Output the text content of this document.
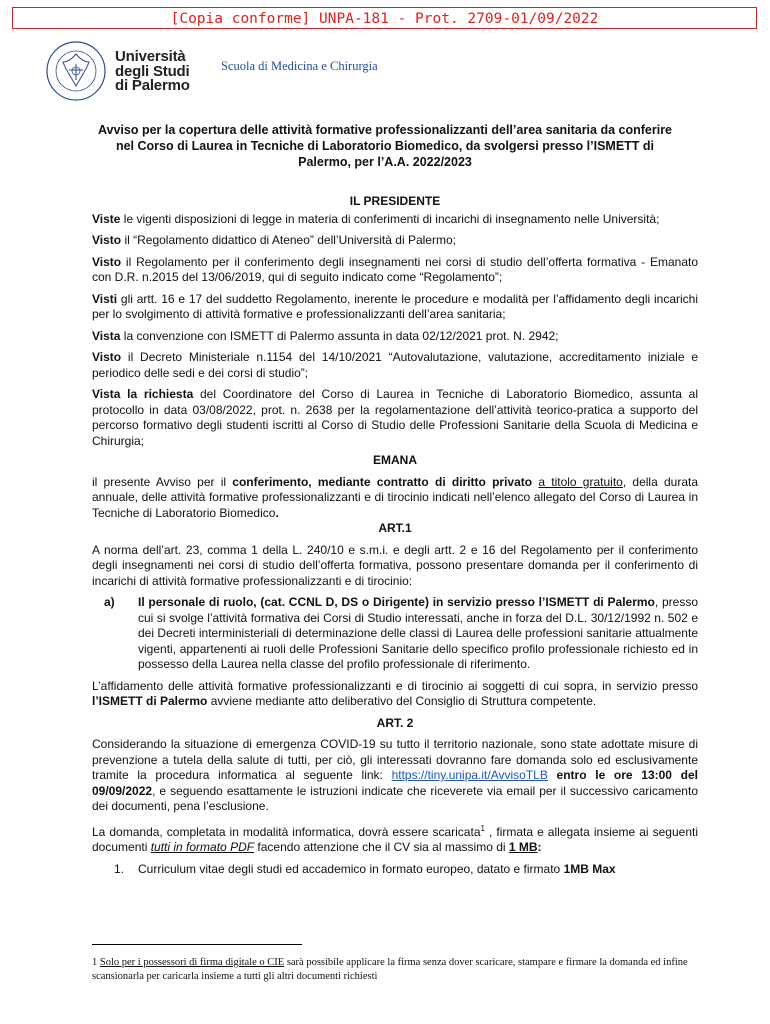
[Copia conforme] UNPA-181 - Prot. 2709-01/09/2022
Università
degli Studi
di Palermo
Scuola di Medicina e Chirurgia
Avviso per la copertura delle attività formative professionalizzanti dell’area sanitaria da conferire nel Corso di Laurea in Tecniche di Laboratorio Biomedico, da svolgersi presso l’ISMETT di Palermo, per l’A.A. 2022/2023
IL PRESIDENTE

Viste le vigenti disposizioni di legge in materia di conferimenti di incarichi di insegnamento nelle Università;

Visto il “Regolamento didattico di Ateneo” dell’Università di Palermo;

Visto il Regolamento per il conferimento degli insegnamenti nei corsi di studio dell’offerta formativa - Emanato con D.R. n.2015 del 13/06/2019, qui di seguito indicato come “Regolamento”;

Visti gli artt. 16 e 17 del suddetto Regolamento, inerente le procedure e modalità per l’affidamento degli incarichi per lo svolgimento di attività formative e professionalizzanti dell’area sanitaria;

Vista la convenzione con ISMETT di Palermo assunta in data 02/12/2021 prot. N. 2942;

Visto il Decreto Ministeriale n.1154 del 14/10/2021 “Autovalutazione, valutazione, accreditamento iniziale e periodico delle sedi e dei corsi di studio”;

Vista la richiesta del Coordinatore del Corso di Laurea in Tecniche di Laboratorio Biomedico, assunta al protocollo in data 03/08/2022, prot. n. 2638 per la regolamentazione dell’attività teorico-pratica a supporto del percorso formativo degli studenti iscritti al Corso di Studio delle Professioni Sanitarie della Scuola di Medicina e Chirurgia;

EMANA

il presente Avviso per il conferimento, mediante contratto di diritto privato a titolo gratuito, della durata annuale, delle attività formative professionalizzanti e di tirocinio indicati nell’elenco allegato del Corso di Laurea in Tecniche di Laboratorio Biomedico.

ART.1

A norma dell’art. 23, comma 1 della L. 240/10 e s.m.i. e degli artt. 2 e 16 del Regolamento per il conferimento degli insegnamenti nei corsi di studio dell’offerta formativa, possono presentare domanda per il conferimento di incarichi di attività formative professionalizzanti e di tirocinio:

a)	Il personale di ruolo, (cat. CCNL D, DS o Dirigente) in servizio presso l’ISMETT di Palermo, presso cui si svolge l’attività formativa dei Corsi di Studio interessati, anche in forza del D.L. 30/12/1992 n. 502 e dei Decreti interministeriali di determinazione delle classi di Laurea delle professioni sanitarie attualmente vigenti, appartenenti ai ruoli delle Professioni Sanitarie dello specifico profilo professionale richiesto ed in possesso della Laurea nella classe del profilo professionale di riferimento.

L’affidamento delle attività formative professionalizzanti e di tirocinio ai soggetti di cui sopra, in servizio presso l’ISMETT di Palermo avviene mediante atto deliberativo del Consiglio di Struttura competente.

ART. 2

Considerando la situazione di emergenza COVID-19 su tutto il territorio nazionale, sono state adottate misure di prevenzione a tutela della salute di tutti, per ciò, gli interessati dovranno fare domanda solo ed esclusivamente tramite la procedura informatica al seguente link: https://tiny.unipa.it/AvvisoTLB entro le ore 13:00 del 09/09/2022, e seguendo esattamente le istruzioni indicate che riceverete via email per il successivo caricamento dei documenti, pena l’esclusione.

La domanda, completata in modalità informatica, dovrà essere scaricata$^1$ , firmata e allegata insieme ai seguenti documenti tutti in formato PDF facendo attenzione che il CV sia al massimo di 1 MB:

1.	Curriculum vitae degli studi ed accademico in formato europeo, datato e firmato 1MB Max
1 Solo per i possessori di firma digitale o CIE sarà possibile applicare la firma senza dover scaricare, stampare e firmare la domanda ed infine scansionarla per caricarla insieme a tutti gli altri documenti richiesti
